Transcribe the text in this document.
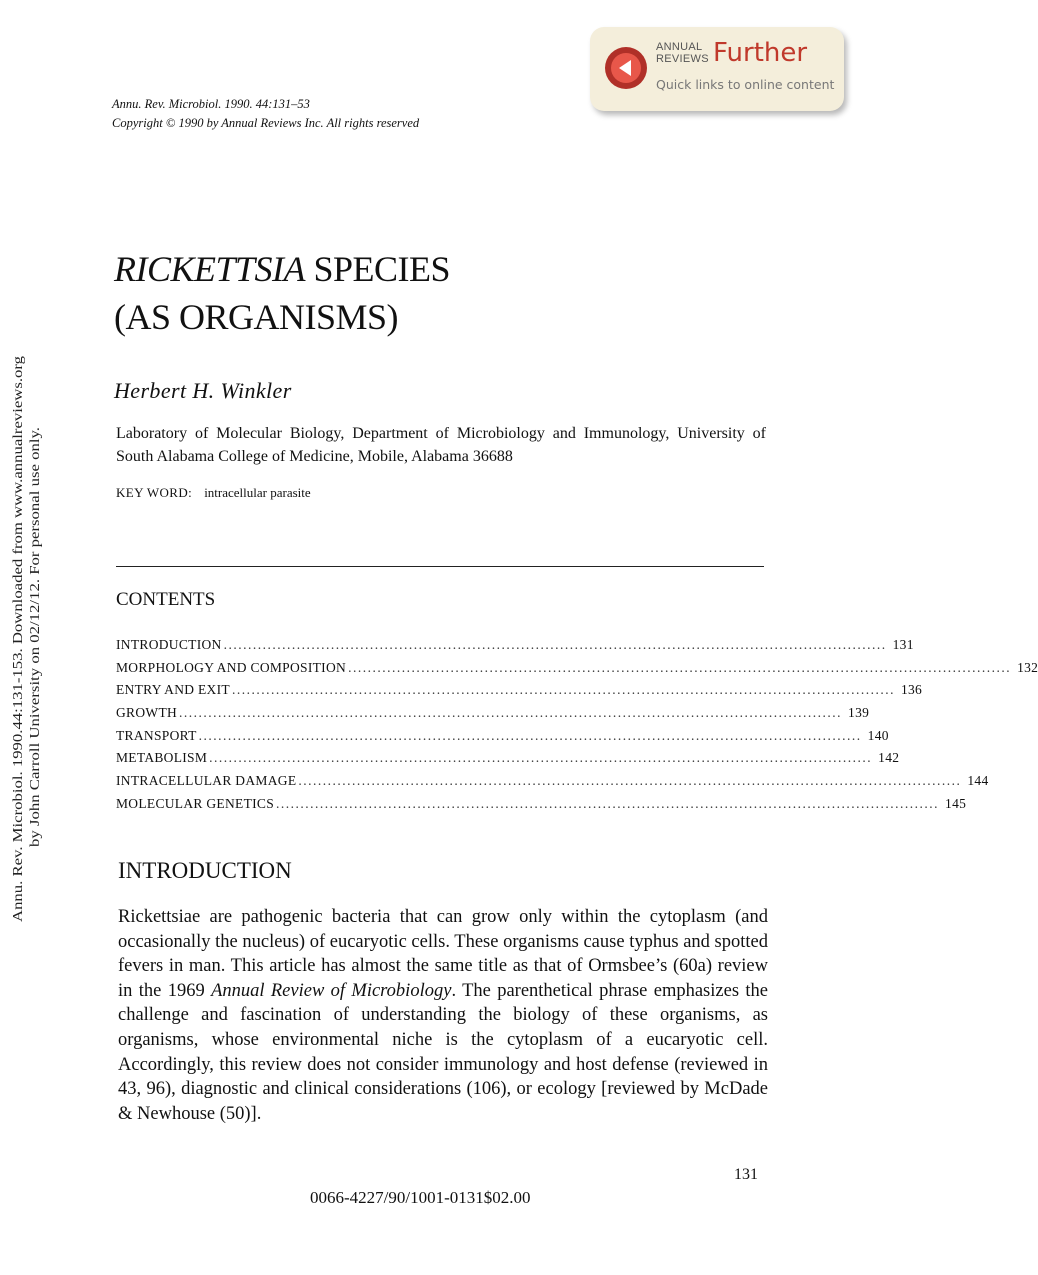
ANNUAL
REVIEWS Further
Quick links to online content
Annu. Rev. Microbiol. 1990. 44:131–53
Copyright © 1990 by Annual Reviews Inc. All rights reserved
RICKETTSIA SPECIES
(AS ORGANISMS)
Herbert H. Winkler
Laboratory of Molecular Biology, Department of Microbiology and Immunology, University of South Alabama College of Medicine, Mobile, Alabama 36688
KEY WORD: intracellular parasite
CONTENTS
INTRODUCTION ........................................................................................................................................ 131
MORPHOLOGY AND COMPOSITION ........................................................................................................................................ 132
ENTRY AND EXIT ........................................................................................................................................ 136
GROWTH ........................................................................................................................................ 139
TRANSPORT ........................................................................................................................................ 140
METABOLISM ........................................................................................................................................ 142
INTRACELLULAR DAMAGE ........................................................................................................................................ 144
MOLECULAR GENETICS ........................................................................................................................................ 145
INTRODUCTION
Rickettsiae are pathogenic bacteria that can grow only within the cytoplasm (and occasionally the nucleus) of eucaryotic cells. These organisms cause typhus and spotted fevers in man. This article has almost the same title as that of Ormsbee’s (60a) review in the 1969 Annual Review of Microbiology. The parenthetical phrase emphasizes the challenge and fascination of understanding the biology of these organisms, as organisms, whose environmental niche is the cytoplasm of a eucaryotic cell. Accordingly, this review does not consider immunology and host defense (reviewed in 43, 96), diagnostic and clinical considerations (106), or ecology [reviewed by McDade & Newhouse (50)].
131
0066-4227/90/1001-0131$02.00
Annu. Rev. Microbiol. 1990.44:131-153. Downloaded from www.annualreviews.org by John Carroll University on 02/12/12. For personal use only.
